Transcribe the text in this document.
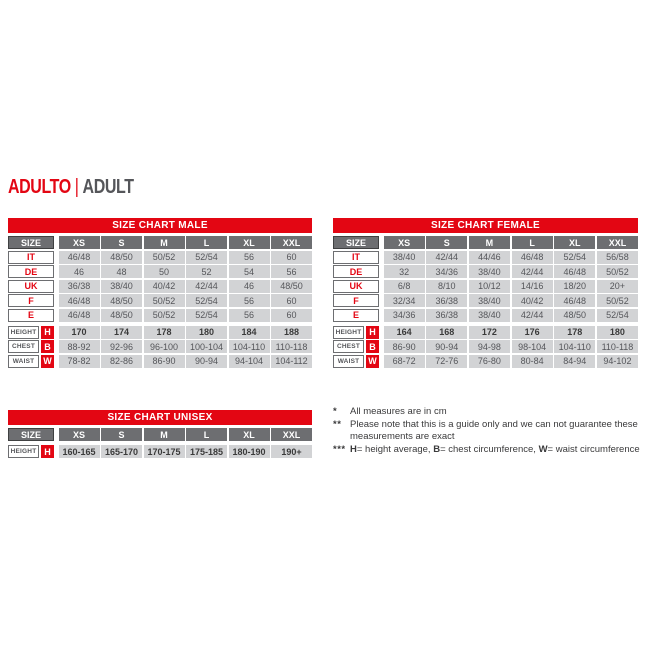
ADULTO | ADULT
SIZE CHART MALE
SIZE	XS	S	M	L	XL	XXL
IT	46/48	48/50	50/52	52/54	56	60
DE	46	48	50	52	54	56
UK	36/38	38/40	40/42	42/44	46	48/50
F	46/48	48/50	50/52	52/54	56	60
E	46/48	48/50	50/52	52/54	56	60
HEIGHT H	170	174	178	180	184	188
CHEST	B	88-92	92-96	96-100	100-104	104-110	110-118
WAIST W	78-82	82-86	86-90	90-94	94-104	104-112
SIZE CHART FEMALE
SIZE	XS	S	M	L	XL	XXL
IT	38/40	42/44	44/46	46/48	52/54	56/58
DE	32	34/36	38/40	42/44	46/48	50/52
UK	6/8	8/10	10/12	14/16	18/20	20+
F	32/34	36/38	38/40	40/42	46/48	50/52
E	34/36	36/38	38/40	42/44	48/50	52/54
HEIGHT H	164	168	172	176	178	180
CHEST	B	86-90	90-94	94-98	98-104	104-110	110-118
WAIST W	68-72	72-76	76-80	80-84	84-94	94-102
SIZE CHART UNISEX
SIZE	XS	S	M	L	XL	XXL
HEIGHT H	160-165	165-170	170-175	175-185	180-190	190+
*	All measures are in cm
** Please note that this is a guide only and we can not guarantee these measurements are exact
*** H= height average, B= chest circumference, W= waist circumference
